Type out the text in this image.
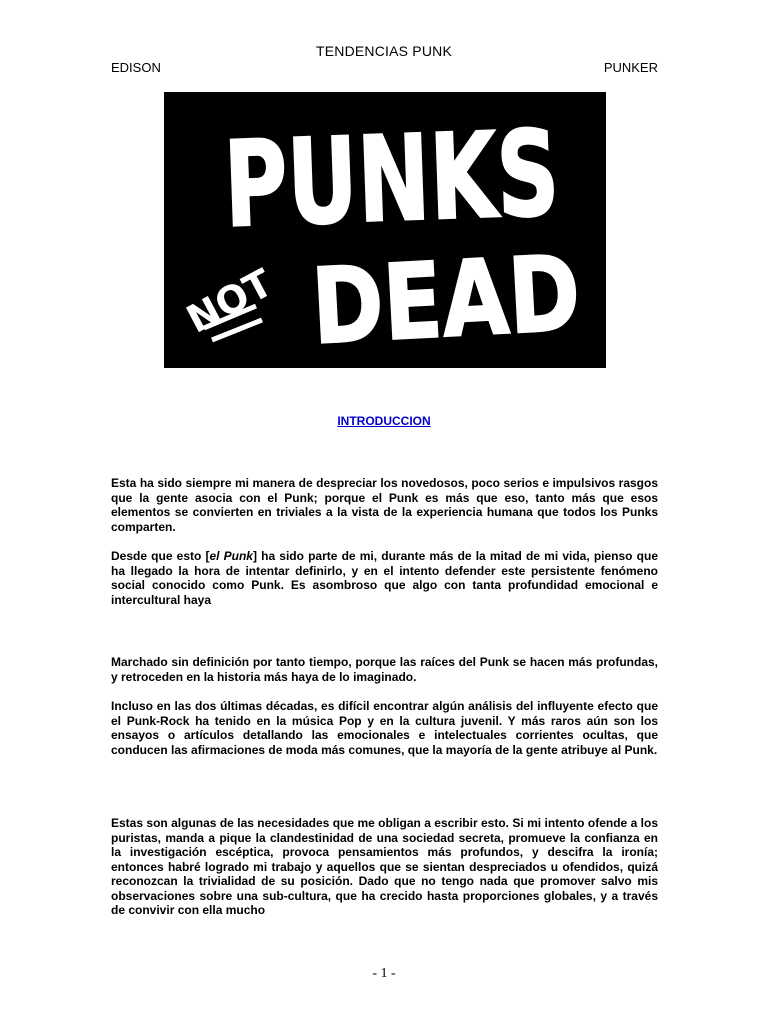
TENDENCIAS PUNK
EDISON	PUNKER
PUNKS
NOT DEAD
INTRODUCCION

Esta ha sido siempre mi manera de despreciar los novedosos, poco serios e impulsivos rasgos que la gente asocia con el Punk; porque el Punk es más que eso, tanto más que esos elementos se convierten en triviales a la vista de la experiencia humana que todos los Punks comparten.

Desde que esto [el Punk] ha sido parte de mi, durante más de la mitad de mi vida, pienso que ha llegado la hora de intentar definirlo, y en el intento defender este persistente fenómeno social conocido como Punk. Es asombroso que algo con tanta profundidad emocional e intercultural haya

Marchado sin definición por tanto tiempo, porque las raíces del Punk se hacen más profundas, y retroceden en la historia más haya de lo imaginado.

Incluso en las dos últimas décadas, es difícil encontrar algún análisis del influyente efecto que el Punk-Rock ha tenido en la música Pop y en la cultura juvenil. Y más raros aún son los ensayos o artículos detallando las emocionales e intelectuales corrientes ocultas, que conducen las afirmaciones de moda más comunes, que la mayoría de la gente atribuye al Punk.

Estas son algunas de las necesidades que me obligan a escribir esto. Si mi intento ofende a los puristas, manda a pique la clandestinidad de una sociedad secreta, promueve la confianza en la investigación escéptica, provoca pensamientos más profundos, y descifra la ironía; entonces habré logrado mi trabajo y aquellos que se sientan despreciados u ofendidos, quizá reconozcan la trivialidad de su posición. Dado que no tengo nada que promover salvo mis observaciones sobre una sub-cultura, que ha crecido hasta proporciones globales, y a través de convivir con ella mucho

- 1 -
